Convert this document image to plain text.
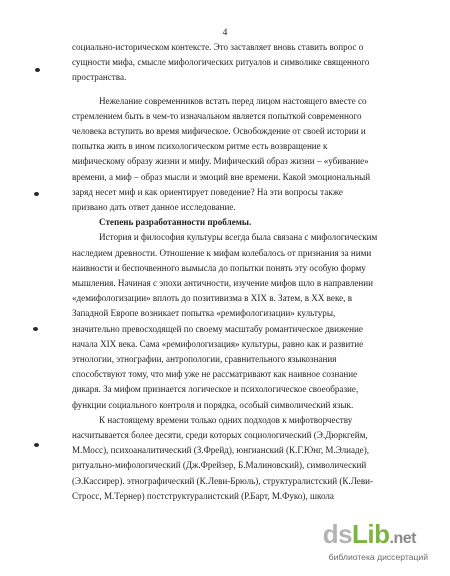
4

социально-историческом контексте. Это заставляет вновь ставить вопрос о

сущности мифа, смысле мифологических ритуалов и символике священного

пространства.

Нежелание современников встать перед лицом настоящего вместе со

стремлением быть в чем-то изначальном является попыткой современного

человека вступить во время мифическое. Освобождение от своей истории и

попытка жить в ином психологическом ритме есть возвращение к

мифическому образу жизни и мифу. Мифический образ жизни – «убивание»

времени, а миф – образ мысли и эмоций вне времени. Какой эмоциональный

заряд несет миф и как ориентирует поведение? На эти вопросы также

призвано дать ответ данное исследование.

Степень разработанности проблемы.

История и философия культуры всегда была связана с мифологическим

наследием древности. Отношение к мифам колебалось от признания за ними

наивности и беспочвенного вымысла до попытки понять эту особую форму

мышления. Начиная с эпохи античности, изучение мифов шло в направлении

«демифологизации» вплоть до позитивизма в XIX в. Затем, в XX веке, в

Западной Европе возникает попытка «ремифологизации» культуры,

значительно превосходящей по своему масштабу романтическое движение

начала XIX века. Сама «ремифологизация» культуры, равно как и развитие

этнологии, этнографии, антропологии, сравнительного языкознания

способствуют тому, что миф уже не рассматривают как наивное сознание

дикаря. За мифом признается логическое и психологическое своеобразие,

функции социального контроля и порядка, особый символический язык.

К настоящему времени только одних подходов к мифотворчеству

насчитывается более десяти, среди которых социологический (Э.Дюркгейм,

М.Мосс), психоаналитический (З.Фрейд), юнгианский (К.Г.Юнг, М.Элиаде),

ритуально-мифологический (Дж.Фрейзер, Б.Малиновский), символический

(Э.Кассирер). этнографический (К.Леви-Брюль), структуралистский (К.Леви-

Стросс, М.Тернер) постструктуралистский (Р.Барт, М.Фуко), школа

dsLib.net
библиотека диссертаций
